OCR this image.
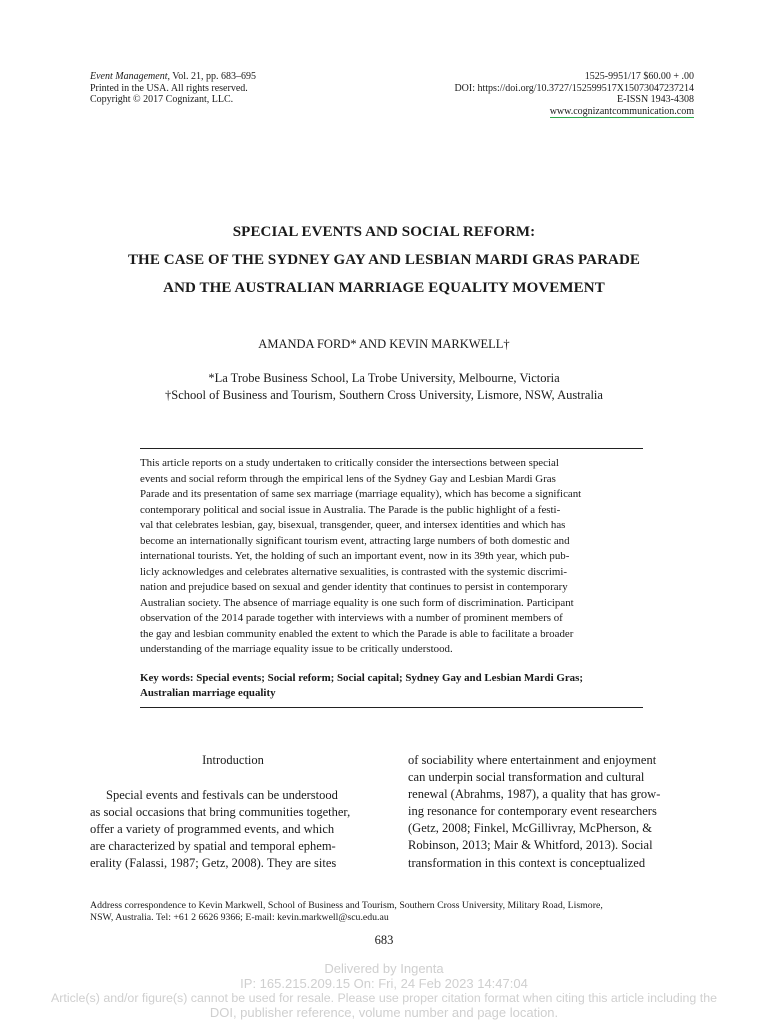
Event Management, Vol. 21, pp. 683–695
Printed in the USA. All rights reserved.
Copyright © 2017 Cognizant, LLC.
1525-9951/17 $60.00 + .00
DOI: https://doi.org/10.3727/152599517X15073047237214
E-ISSN 1943-4308
www.cognizantcommunication.com
SPECIAL EVENTS AND SOCIAL REFORM:
THE CASE OF THE SYDNEY GAY AND LESBIAN MARDI GRAS PARADE
AND THE AUSTRALIAN MARRIAGE EQUALITY MOVEMENT
AMANDA FORD* AND KEVIN MARKWELL†
*La Trobe Business School, La Trobe University, Melbourne, Victoria
†School of Business and Tourism, Southern Cross University, Lismore, NSW, Australia
This article reports on a study undertaken to critically consider the intersections between special
events and social reform through the empirical lens of the Sydney Gay and Lesbian Mardi Gras
Parade and its presentation of same sex marriage (marriage equality), which has become a significant
contemporary political and social issue in Australia. The Parade is the public highlight of a festi-
val that celebrates lesbian, gay, bisexual, transgender, queer, and intersex identities and which has
become an internationally significant tourism event, attracting large numbers of both domestic and
international tourists. Yet, the holding of such an important event, now in its 39th year, which pub-
licly acknowledges and celebrates alternative sexualities, is contrasted with the systemic discrimi-
nation and prejudice based on sexual and gender identity that continues to persist in contemporary
Australian society. The absence of marriage equality is one such form of discrimination. Participant
observation of the 2014 parade together with interviews with a number of prominent members of
the gay and lesbian community enabled the extent to which the Parade is able to facilitate a broader
understanding of the marriage equality issue to be critically understood.
Key words: Special events; Social reform; Social capital; Sydney Gay and Lesbian Mardi Gras;
Australian marriage equality
Introduction
Special events and festivals can be understood
as social occasions that bring communities together,
offer a variety of programmed events, and which
are characterized by spatial and temporal ephem-
erality (Falassi, 1987; Getz, 2008). They are sites
of sociability where entertainment and enjoyment
can underpin social transformation and cultural
renewal (Abrahms, 1987), a quality that has grow-
ing resonance for contemporary event researchers
(Getz, 2008; Finkel, McGillivray, McPherson, &
Robinson, 2013; Mair & Whitford, 2013). Social
transformation in this context is conceptualized
Address correspondence to Kevin Markwell, School of Business and Tourism, Southern Cross University, Military Road, Lismore,
NSW, Australia. Tel: +61 2 6626 9366; E-mail: kevin.markwell@scu.edu.au
683
Delivered by Ingenta
IP: 165.215.209.15 On: Fri, 24 Feb 2023 14:47:04
Article(s) and/or figure(s) cannot be used for resale. Please use proper citation format when citing this article including the
DOI, publisher reference, volume number and page location.
